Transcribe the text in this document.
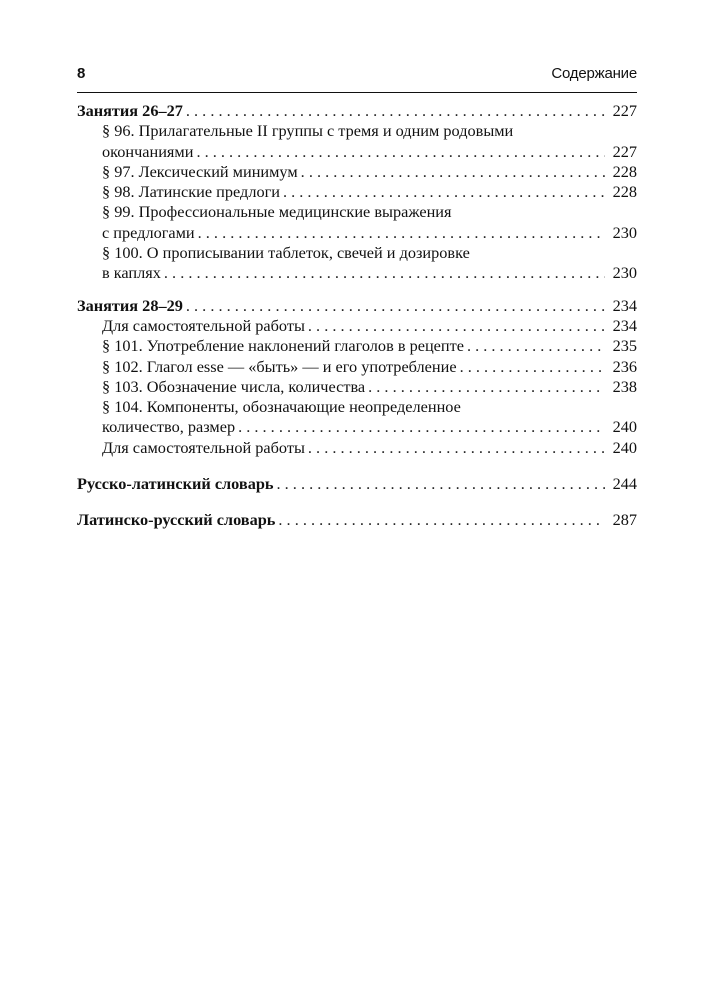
8	Содержание
Занятия 26–27 . . .	227
§ 96. Прилагательные II группы с тремя и одним родовыми
окончаниями . . .	227
§ 97. Лексический минимум . . .	228
§ 98. Латинские предлоги . . .	228
§ 99. Профессиональные медицинские выражения
с предлогами . . .	230
§ 100. О прописывании таблеток, свечей и дозировке
в каплях . . .	230
Занятия 28–29 . . .	234
Для самостоятельной работы . . .	234
§ 101. Употребление наклонений глаголов в рецепте . . .	235
§ 102. Глагол esse — «быть» — и его употребление . . .	236
§ 103. Обозначение числа, количества . . .	238
§ 104. Компоненты, обозначающие неопределенное
количество, размер . . .	240
Для самостоятельной работы . . .	240
Русско-латинский словарь . . .	244
Латинско-русский словарь . . .	287
